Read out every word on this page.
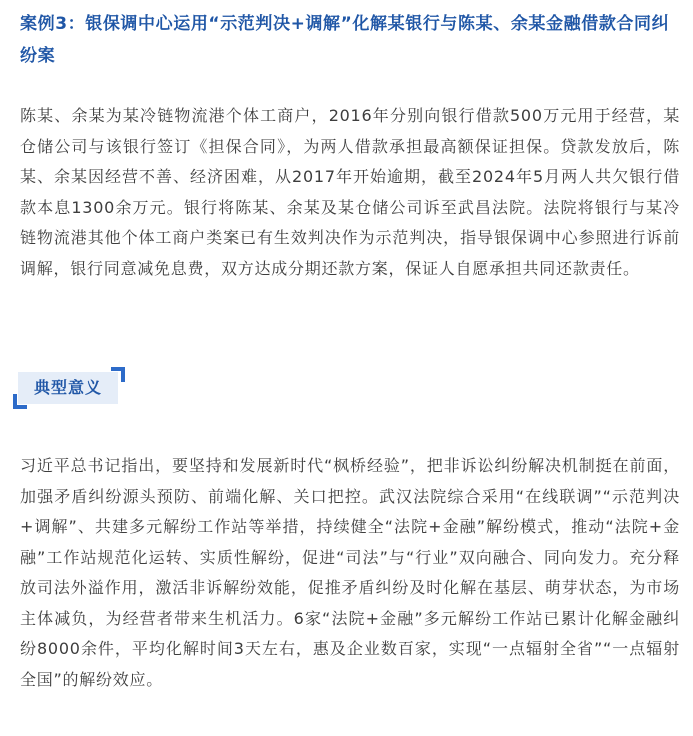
案例3：银保调中心运用“示范判决+调解”化解某银行与陈某、余某金融借款合同纠纷案

陈某、余某为某冷链物流港个体工商户，2016年分别向银行借款500万元用于经营，某仓储公司与该银行签订《担保合同》，为两人借款承担最高额保证担保。贷款发放后，陈某、余某因经营不善、经济困难，从2017年开始逾期，截至2024年5月两人共欠银行借款本息1300余万元。银行将陈某、余某及某仓储公司诉至武昌法院。法院将银行与某冷链物流港其他个体工商户类案已有生效判决作为示范判决，指导银保调中心参照进行诉前调解，银行同意减免息费，双方达成分期还款方案，保证人自愿承担共同还款责任。

典型意义

习近平总书记指出，要坚持和发展新时代“枫桥经验”，把非诉讼纠纷解决机制挺在前面，加强矛盾纠纷源头预防、前端化解、关口把控。武汉法院综合采用“在线联调”“示范判决+调解”、共建多元解纷工作站等举措，持续健全“法院+金融”解纷模式，推动“法院+金融”工作站规范化运转、实质性解纷，促进“司法”与“行业”双向融合、同向发力。充分释放司法外溢作用，激活非诉解纷效能，促推矛盾纠纷及时化解在基层、萌芽状态，为市场主体减负，为经营者带来生机活力。6家“法院+金融”多元解纷工作站已累计化解金融纠纷8000余件，平均化解时间3天左右，惠及企业数百家，实现“一点辐射全省”“一点辐射全国”的解纷效应。
